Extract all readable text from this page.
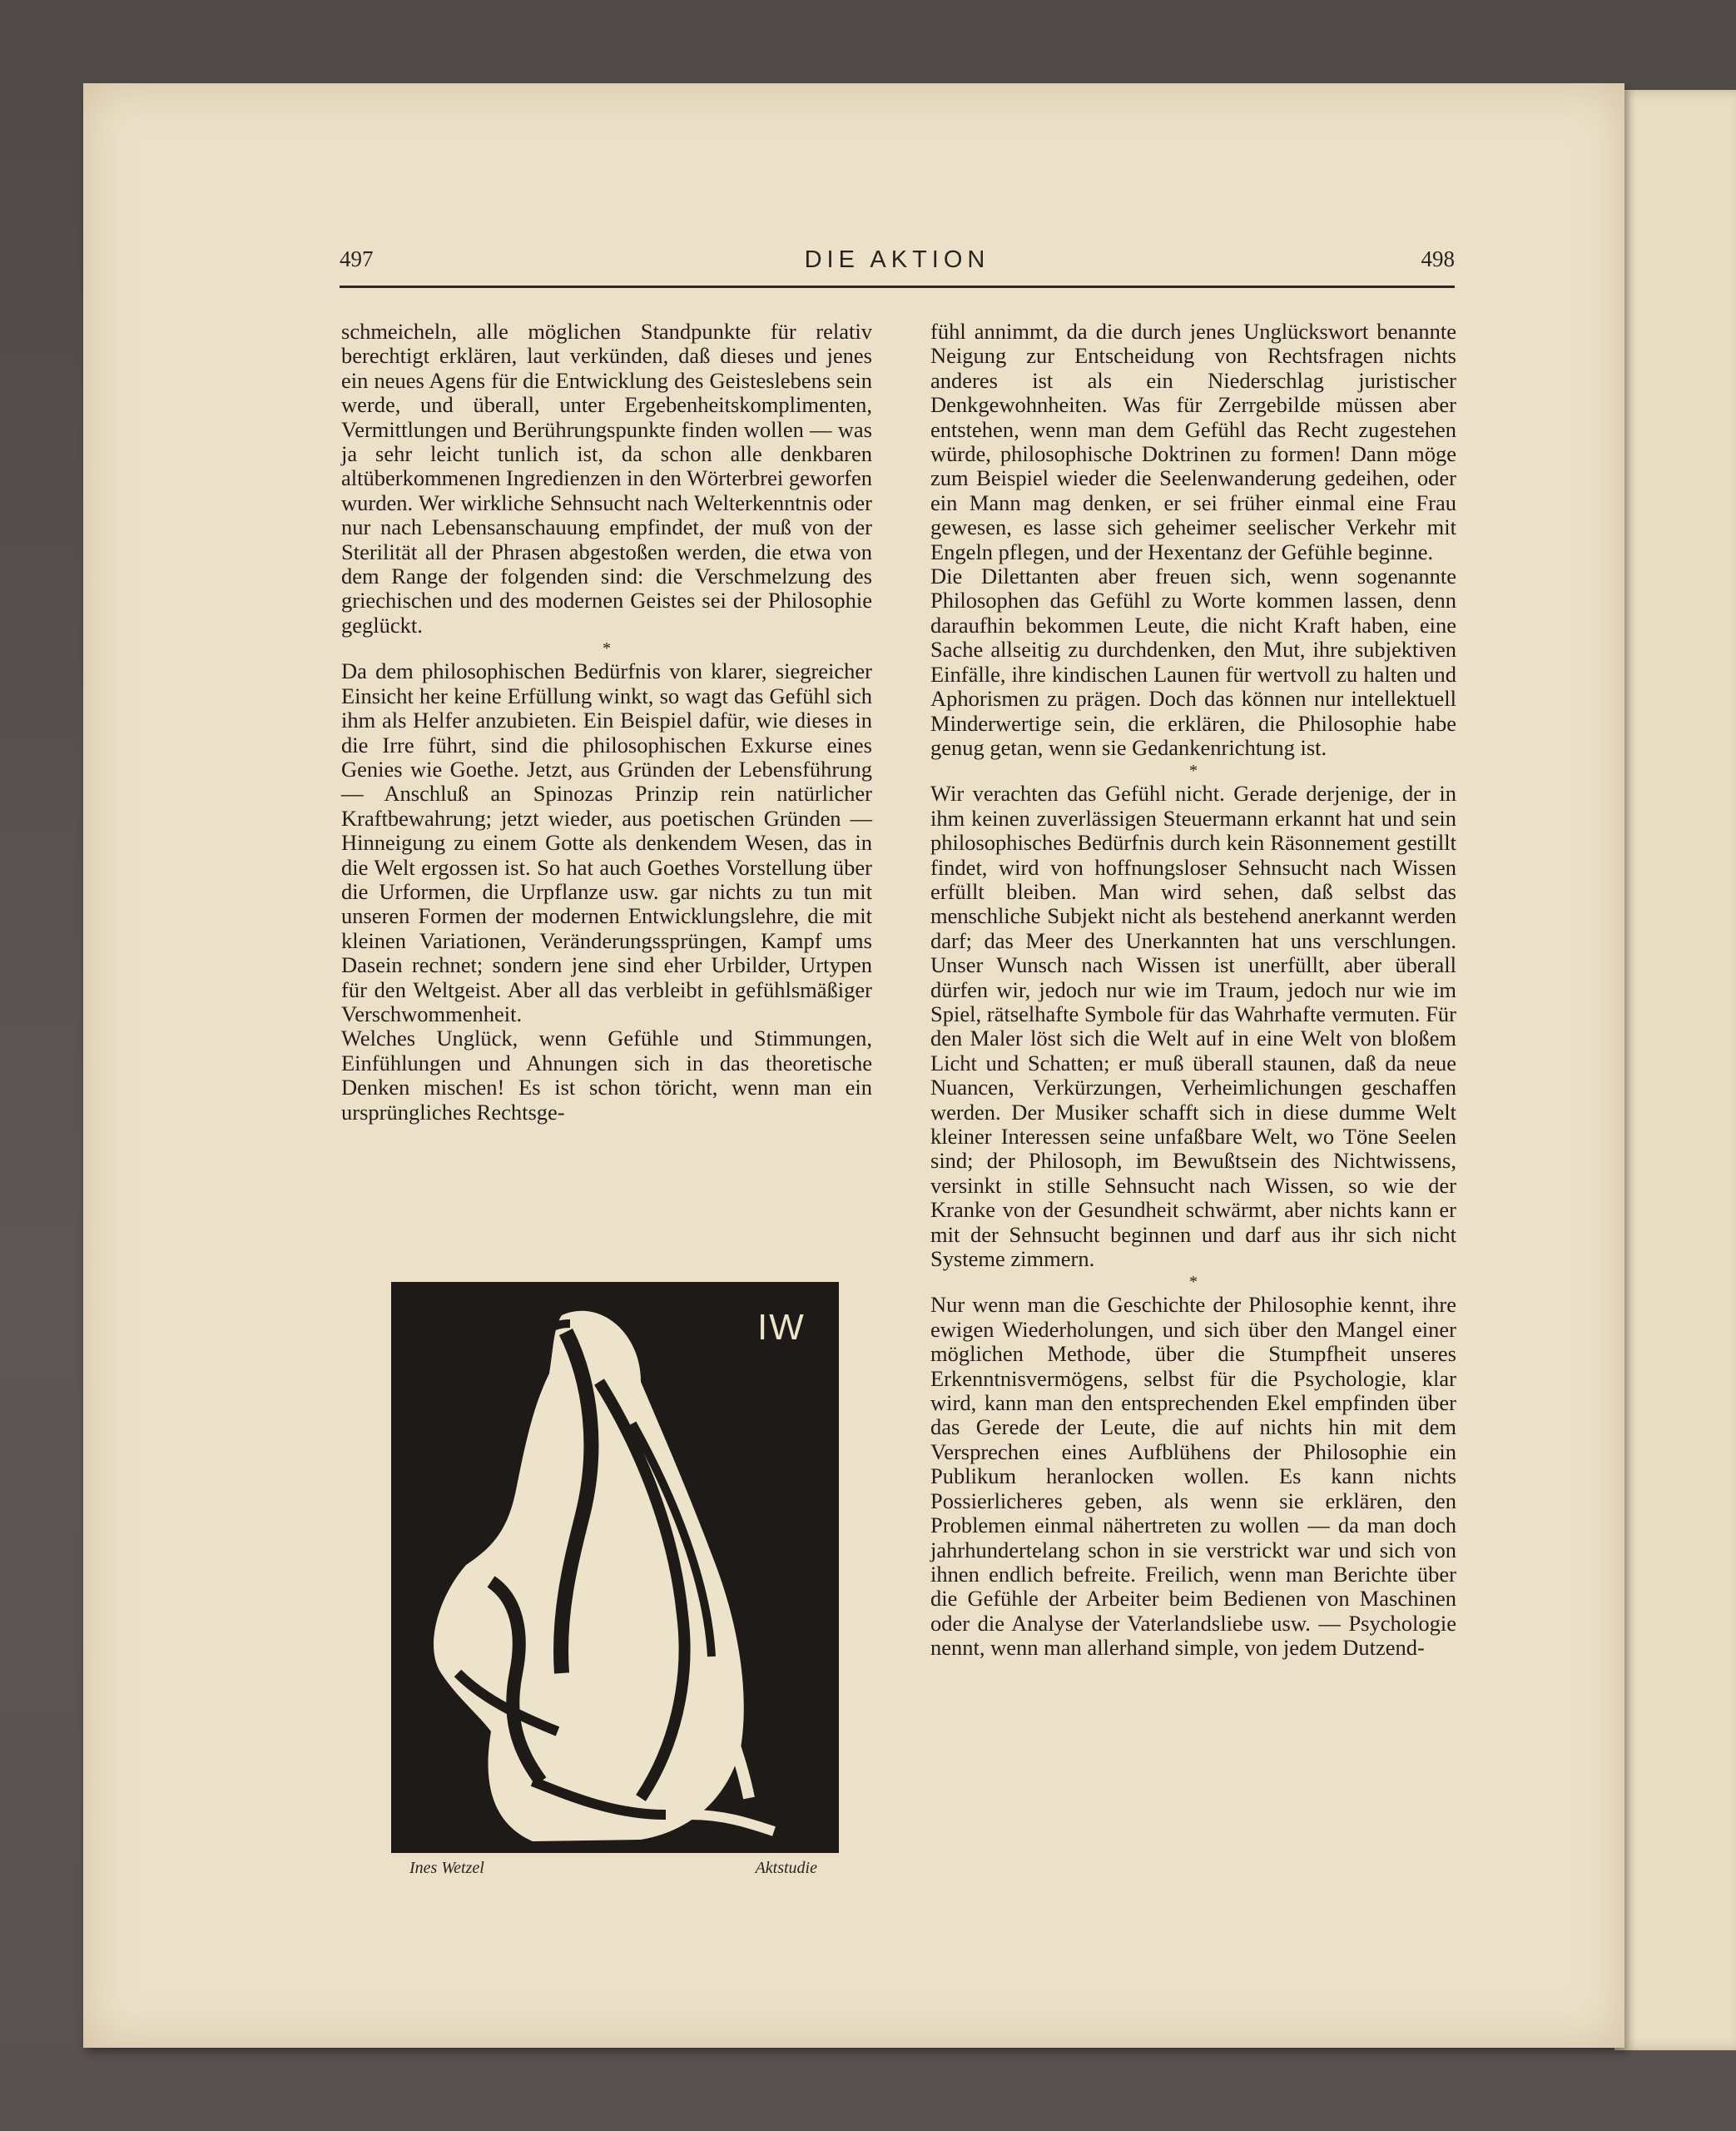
497	DIE AKTION	498

schmeicheln, alle möglichen Standpunkte für relativ berechtigt erklären, laut verkünden, daß dieses und jenes ein neues Agens für die Entwicklung des Geisteslebens sein werde, und überall, unter Ergebenheitskomplimenten, Vermittlungen und Berührungspunkte finden wollen — was ja sehr leicht tunlich ist, da schon alle denkbaren altüberkommenen Ingredienzen in den Wörterbrei geworfen wurden. Wer wirkliche Sehnsucht nach Welterkenntnis oder nur nach Lebensanschauung empfindet, der muß von der Sterilität all der Phrasen abgestoßen werden, die etwa von dem Range der folgenden sind: die Verschmelzung des griechischen und des modernen Geistes sei der Philosophie geglückt.

*

Da dem philosophischen Bedürfnis von klarer, siegreicher Einsicht her keine Erfüllung winkt, so wagt das Gefühl sich ihm als Helfer anzubieten. Ein Beispiel dafür, wie dieses in die Irre führt, sind die philosophischen Exkurse eines Genies wie Goethe. Jetzt, aus Gründen der Lebensführung — Anschluß an Spinozas Prinzip rein natürlicher Kraftbewahrung; jetzt wieder, aus poetischen Gründen — Hinneigung zu einem Gotte als denkendem Wesen, das in die Welt ergossen ist. So hat auch Goethes Vorstellung über die Urformen, die Urpflanze usw. gar nichts zu tun mit unseren Formen der modernen Entwicklungslehre, die mit kleinen Variationen, Veränderungssprüngen, Kampf ums Dasein rechnet; sondern jene sind eher Urbilder, Urtypen für den Weltgeist. Aber all das verbleibt in gefühlsmäßiger Verschwommenheit.

Welches Unglück, wenn Gefühle und Stimmungen, Einfühlungen und Ahnungen sich in das theoretische Denken mischen! Es ist schon töricht, wenn man ein ursprüngliches Rechtsge-

IW
Ines Wetzel	Aktstudie

fühl annimmt, da die durch jenes Unglückswort benannte Neigung zur Entscheidung von Rechtsfragen nichts anderes ist als ein Niederschlag juristischer Denkgewohnheiten. Was für Zerrgebilde müssen aber entstehen, wenn man dem Gefühl das Recht zugestehen würde, philosophische Doktrinen zu formen! Dann möge zum Beispiel wieder die Seelenwanderung gedeihen, oder ein Mann mag denken, er sei früher einmal eine Frau gewesen, es lasse sich geheimer seelischer Verkehr mit Engeln pflegen, und der Hexentanz der Gefühle beginne.

Die Dilettanten aber freuen sich, wenn sogenannte Philosophen das Gefühl zu Worte kommen lassen, denn daraufhin bekommen Leute, die nicht Kraft haben, eine Sache allseitig zu durchdenken, den Mut, ihre subjektiven Einfälle, ihre kindischen Launen für wertvoll zu halten und Aphorismen zu prägen. Doch das können nur intellektuell Minderwertige sein, die erklären, die Philosophie habe genug getan, wenn sie Gedankenrichtung ist.

*

Wir verachten das Gefühl nicht. Gerade derjenige, der in ihm keinen zuverlässigen Steuermann erkannt hat und sein philosophisches Bedürfnis durch kein Räsonnement gestillt findet, wird von hoffnungsloser Sehnsucht nach Wissen erfüllt bleiben. Man wird sehen, daß selbst das menschliche Subjekt nicht als bestehend anerkannt werden darf; das Meer des Unerkannten hat uns verschlungen. Unser Wunsch nach Wissen ist unerfüllt, aber überall dürfen wir, jedoch nur wie im Traum, jedoch nur wie im Spiel, rätselhafte Symbole für das Wahrhafte vermuten. Für den Maler löst sich die Welt auf in eine Welt von bloßem Licht und Schatten; er muß überall staunen, daß da neue Nuancen, Verkürzungen, Verheimlichungen geschaffen werden. Der Musiker schafft sich in diese dumme Welt kleiner Interessen seine unfaßbare Welt, wo Töne Seelen sind; der Philosoph, im Bewußtsein des Nichtwissens, versinkt in stille Sehnsucht nach Wissen, so wie der Kranke von der Gesundheit schwärmt, aber nichts kann er mit der Sehnsucht beginnen und darf aus ihr sich nicht Systeme zimmern.

*

Nur wenn man die Geschichte der Philosophie kennt, ihre ewigen Wiederholungen, und sich über den Mangel einer möglichen Methode, über die Stumpfheit unseres Erkenntnisvermögens, selbst für die Psychologie, klar wird, kann man den entsprechenden Ekel empfinden über das Gerede der Leute, die auf nichts hin mit dem Versprechen eines Aufblühens der Philosophie ein Publikum heranlocken wollen. Es kann nichts Possierlicheres geben, als wenn sie erklären, den Problemen einmal nähertreten zu wollen — da man doch jahrhundertelang schon in sie verstrickt war und sich von ihnen endlich befreite. Freilich, wenn man Berichte über die Gefühle der Arbeiter beim Bedienen von Maschinen oder die Analyse der Vaterlandsliebe usw. — Psychologie nennt, wenn man allerhand simple, von jedem Dutzend-
